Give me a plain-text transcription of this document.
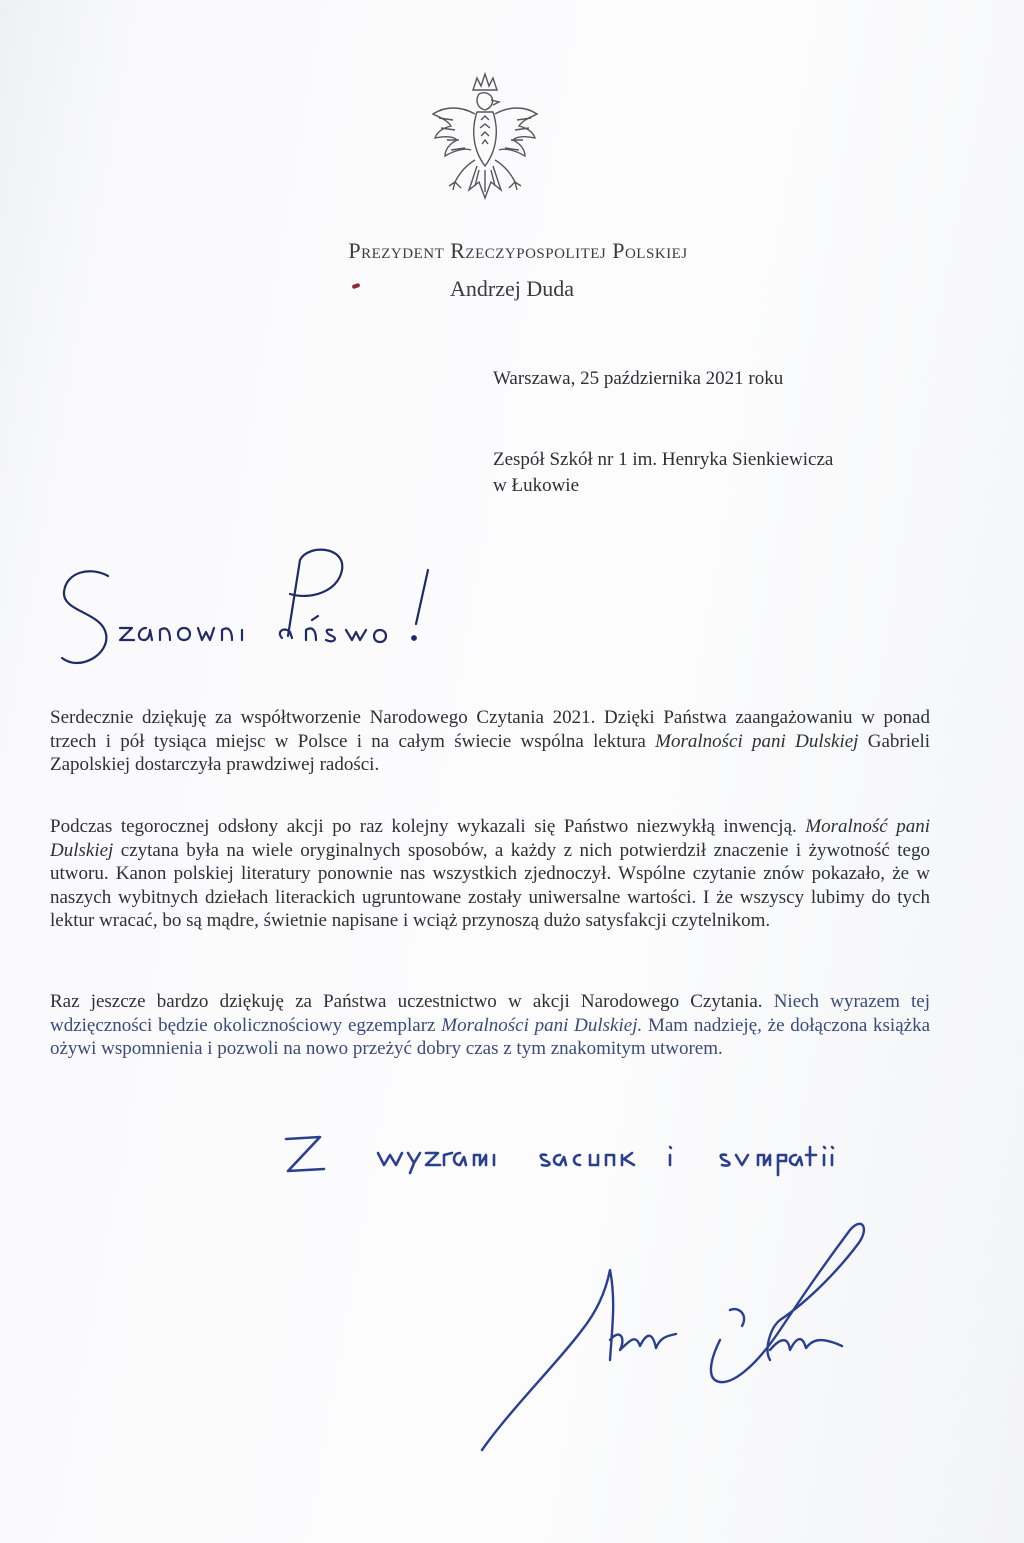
Prezydent Rzeczypospolitej Polskiej
Andrzej Duda
Warszawa, 25 października 2021 roku
Zespół Szkół nr 1 im. Henryka Sienkiewicza
w Łukowie
Serdecznie dziękuję za współtworzenie Narodowego Czytania 2021. Dzięki Państwa zaangażowaniu w ponad trzech i pół tysiąca miejsc w Polsce i na całym świecie wspólna lektura Moralności pani Dulskiej Gabrieli Zapolskiej dostarczyła prawdziwej radości.
Podczas tegorocznej odsłony akcji po raz kolejny wykazali się Państwo niezwykłą inwencją. Moralność pani Dulskiej czytana była na wiele oryginalnych sposobów, a każdy z nich potwierdził znaczenie i żywotność tego utworu. Kanon polskiej literatury ponownie nas wszystkich zjednoczył. Wspólne czytanie znów pokazało, że w naszych wybitnych dziełach literackich ugruntowane zostały uniwersalne wartości. I że wszyscy lubimy do tych lektur wracać, bo są mądre, świetnie napisane i wciąż przynoszą dużo satysfakcji czytelnikom.
Raz jeszcze bardzo dziękuję za Państwa uczestnictwo w akcji Narodowego Czytania. Niech wyrazem tej wdzięczności będzie okolicznościowy egzemplarz Moralności pani Dulskiej. Mam nadzieję, że dołączona książka ożywi wspomnienia i pozwoli na nowo przeżyć dobry czas z tym znakomitym utworem.
